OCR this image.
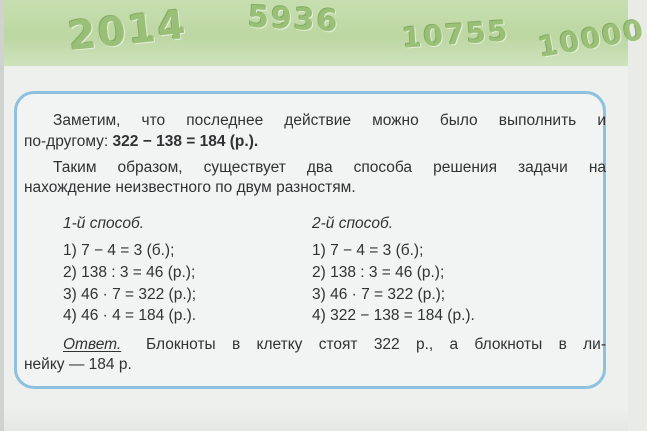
2014 5936 10755 10000
Заметим, что последнее действие можно было выполнить и
по-другому: 322 − 138 = 184 (р.).
Таким образом, существует два способа решения задачи на
нахождение неизвестного по двум разностям.
1-й способ.
1) 7 − 4 = 3 (б.);
2) 138 : 3 = 46 (р.);
3) 46 · 7 = 322 (р.);
4) 46 · 4 = 184 (р.).
2-й способ.
1) 7 − 4 = 3 (б.);
2) 138 : 3 = 46 (р.);
3) 46 · 7 = 322 (р.);
4) 322 − 138 = 184 (р.).
Ответ. Блокноты в клетку стоят 322 р., а блокноты в ли-
нейку — 184 р.
